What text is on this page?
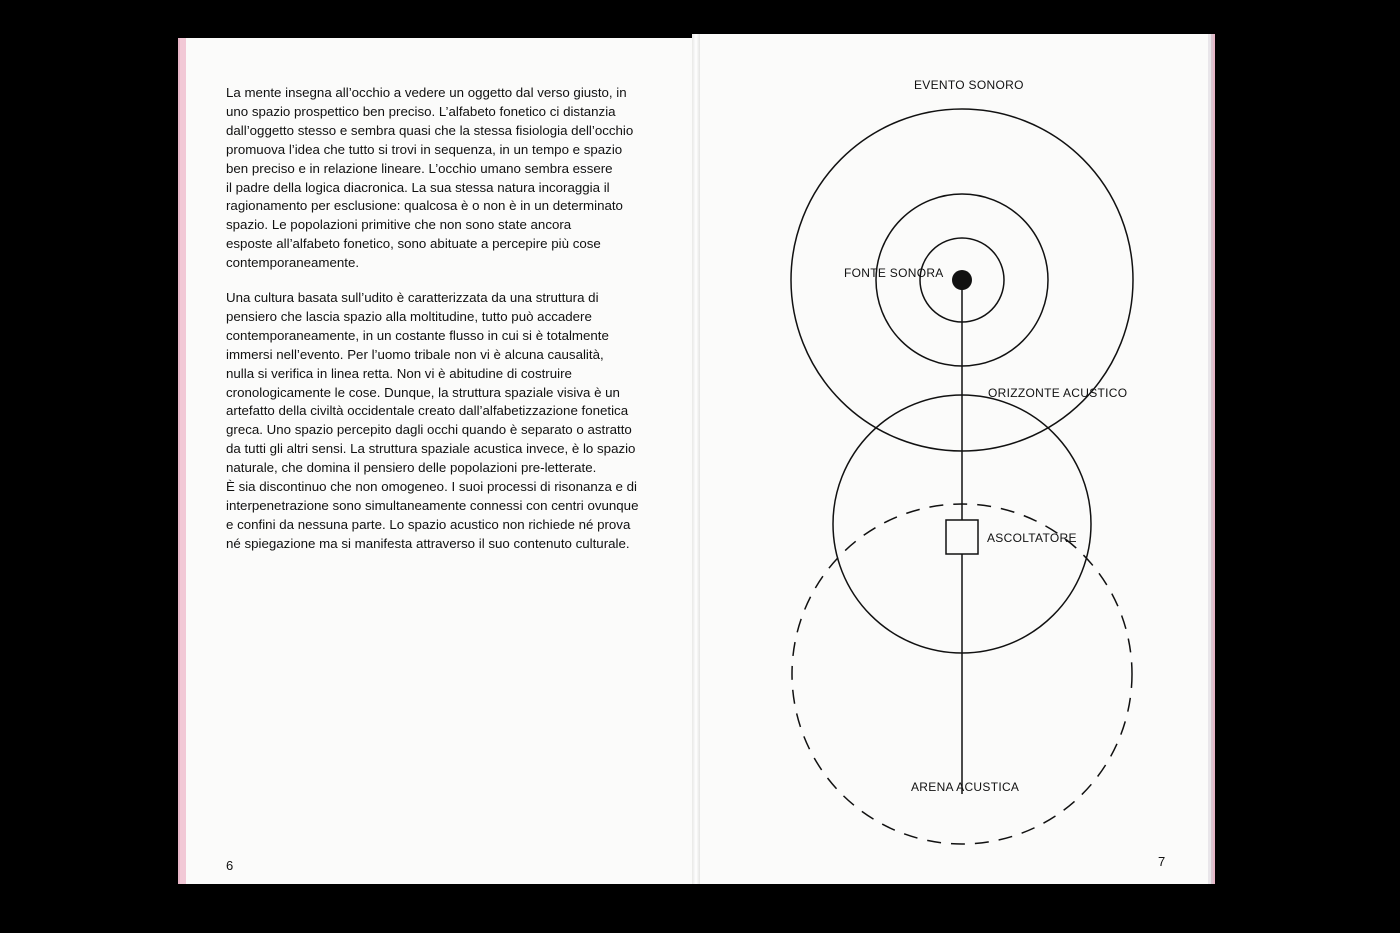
La mente insegna all’occhio a vedere un oggetto dal verso giusto, in
uno spazio prospettico ben preciso. L’alfabeto fonetico ci distanzia
dall’oggetto stesso e sembra quasi che la stessa fisiologia dell’occhio
promuova l’idea che tutto si trovi in sequenza, in un tempo e spazio
ben preciso e in relazione lineare. L’occhio umano sembra essere
il padre della logica diacronica. La sua stessa natura incoraggia il
ragionamento per esclusione: qualcosa è o non è in un determinato
spazio. Le popolazioni primitive che non sono state ancora
esposte all’alfabeto fonetico, sono abituate a percepire più cose
contemporaneamente.
Una cultura basata sull’udito è caratterizzata da una struttura di
pensiero che lascia spazio alla moltitudine, tutto può accadere
contemporaneamente, in un costante flusso in cui si è totalmente
immersi nell’evento. Per l’uomo tribale non vi è alcuna causalità,
nulla si verifica in linea retta. Non vi è abitudine di costruire
cronologicamente le cose. Dunque, la struttura spaziale visiva è un
artefatto della civiltà occidentale creato dall’alfabetizzazione fonetica
greca. Uno spazio percepito dagli occhi quando è separato o astratto
da tutti gli altri sensi. La struttura spaziale acustica invece, è lo spazio
naturale, che domina il pensiero delle popolazioni pre-letterate.
È sia discontinuo che non omogeneo. I suoi processi di risonanza e di
interpenetrazione sono simultaneamente connessi con centri ovunque
e confini da nessuna parte. Lo spazio acustico non richiede né prova
né spiegazione ma si manifesta attraverso il suo contenuto culturale.
6
EVENTO SONORO
FONTE SONORA
ORIZZONTE ACUSTICO
ASCOLTATORE
ARENA ACUSTICA
7
